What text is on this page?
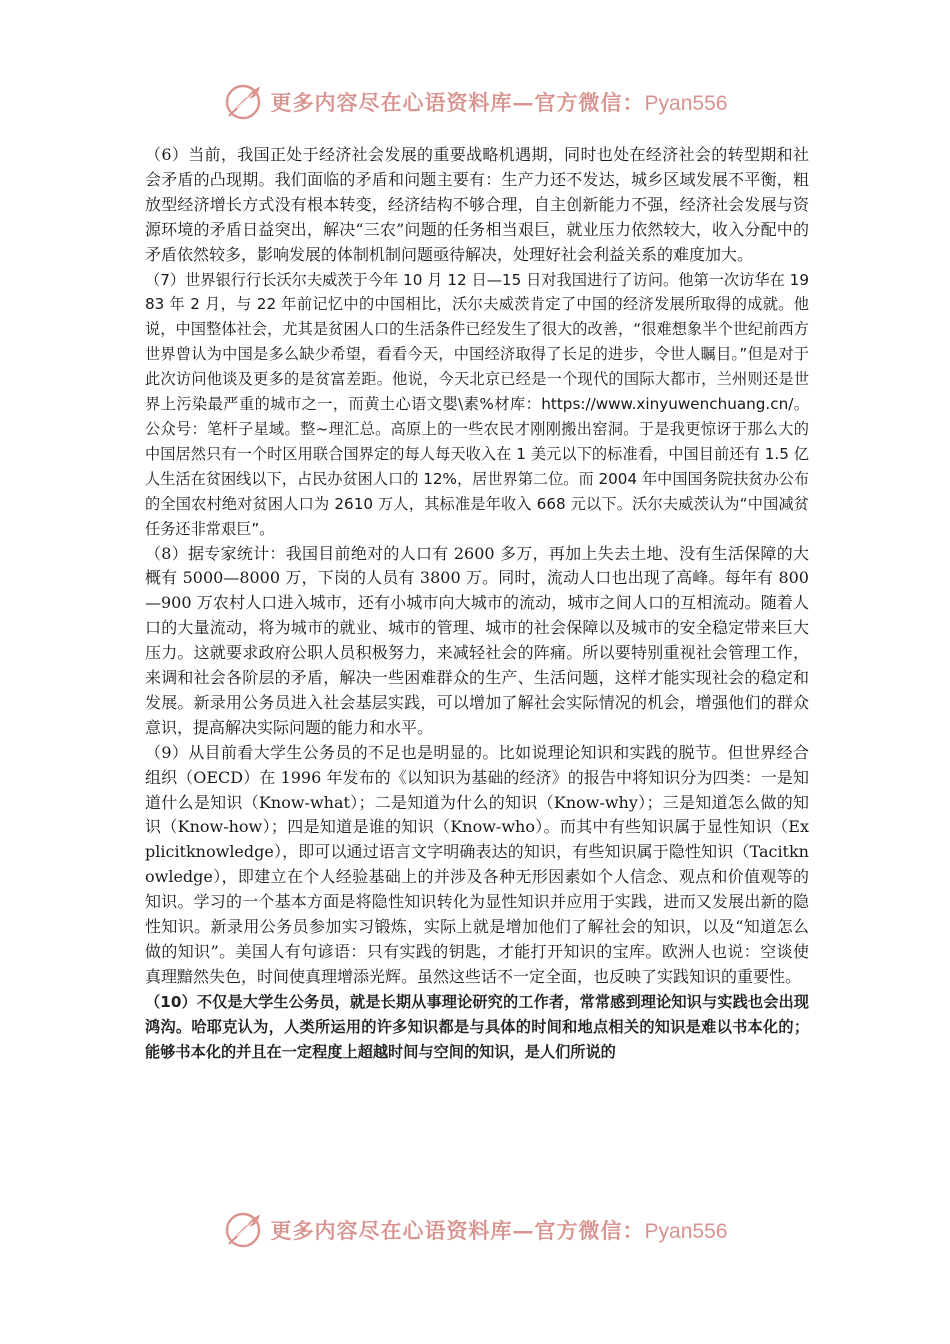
更多内容尽在心语资料库—官方微信：Pyan556

（6）当前，我国正处于经济社会发展的重要战略机遇期，同时也处在经济社会的转型期和社会矛盾的凸现期。我们面临的矛盾和问题主要有：生产力还不发达，城乡区域发展不平衡，粗放型经济增长方式没有根本转变，经济结构不够合理，自主创新能力不强，经济社会发展与资源环境的矛盾日益突出，解决“三农”问题的任务相当艰巨，就业压力依然较大，收入分配中的矛盾依然较多，影响发展的体制机制问题亟待解决，处理好社会利益关系的难度加大。

（7）世界银行行长沃尔夫威茨于今年 10 月 12 日—15 日对我国进行了访问。他第一次访华在 1983 年 2 月，与 22 年前记忆中的中国相比，沃尔夫威茨肯定了中国的经济发展所取得的成就。他说，中国整体社会，尤其是贫困人口的生活条件已经发生了很大的改善，“很难想象半个世纪前西方世界曾认为中国是多么缺少希望，看看今天，中国经济取得了长足的进步，令世人瞩目。”但是对于此次访问他谈及更多的是贫富差距。他说，今天北京已经是一个现代的国际大都市，兰州则还是世界上污染最严重的城市之一，而黄土心语文嬰\素%材库：https://www.xinyuwenchuang.cn/。公众号：笔杆子星域。整~理汇总。高原上的一些农民才刚刚搬出窑洞。于是我更惊讶于那么大的中国居然只有一个时区用联合国界定的每人每天收入在 1 美元以下的标准看，中国目前还有 1.5 亿人生活在贫困线以下，占民办贫困人口的 12%，居世界第二位。而 2004 年中国国务院扶贫办公布的全国农村绝对贫困人口为 2610 万人，其标准是年收入 668 元以下。沃尔夫威茨认为“中国减贫任务还非常艰巨”。

（8）据专家统计：我国目前绝对的人口有 2600 多万，再加上失去土地、没有生活保障的大概有 5000—8000 万，下岗的人员有 3800 万。同时，流动人口也出现了高峰。每年有 800—900 万农村人口进入城市，还有小城市向大城市的流动，城市之间人口的互相流动。随着人口的大量流动，将为城市的就业、城市的管理、城市的社会保障以及城市的安全稳定带来巨大压力。这就要求政府公职人员积极努力，来减轻社会的阵痛。所以要特别重视社会管理工作，来调和社会各阶层的矛盾，解决一些困难群众的生产、生活问题，这样才能实现社会的稳定和发展。新录用公务员进入社会基层实践，可以增加了解社会实际情况的机会，增强他们的群众意识，提高解决实际问题的能力和水平。

（9）从目前看大学生公务员的不足也是明显的。比如说理论知识和实践的脱节。但世界经合组织（OECD）在 1996 年发布的《以知识为基础的经济》的报告中将知识分为四类：一是知道什么是知识（Know-what）；二是知道为什么的知识（Know-why）；三是知道怎么做的知识（Know-how）；四是知道是谁的知识（Know-who）。而其中有些知识属于显性知识（Explicitknowledge），即可以通过语言文字明确表达的知识，有些知识属于隐性知识（Tacitknowledge），即建立在个人经验基础上的并涉及各种无形因素如个人信念、观点和价值观等的知识。学习的一个基本方面是将隐性知识转化为显性知识并应用于实践，进而又发展出新的隐性知识。新录用公务员参加实习锻炼，实际上就是增加他们了解社会的知识，以及“知道怎么做的知识”。美国人有句谚语：只有实践的钥匙，才能打开知识的宝库。欧洲人也说：空谈使真理黯然失色，时间使真理增添光辉。虽然这些话不一定全面，也反映了实践知识的重要性。

（10）不仅是大学生公务员，就是长期从事理论研究的工作者，常常感到理论知识与实践也会出现鸿沟。哈耶克认为，人类所运用的许多知识都是与具体的时间和地点相关的知识是难以书本化的；能够书本化的并且在一定程度上超越时间与空间的知识，是人们所说的

更多内容尽在心语资料库—官方微信：Pyan556
